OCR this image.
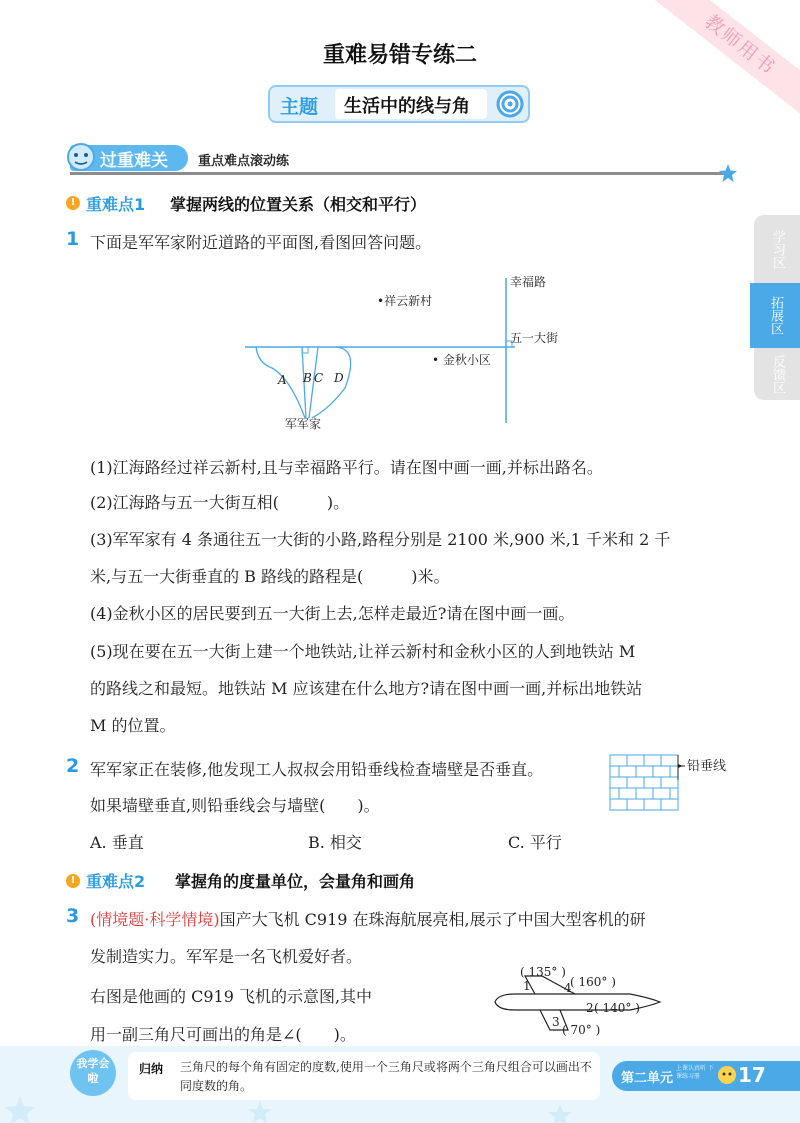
教师用书
重难易错专练二
主题 生活中的线与角
过重难关 重点难点滚动练
学习区
拓展区
反馈区
! 重难点1 掌握两线的位置关系（相交和平行）
1 下面是军军家附近道路的平面图,看图回答问题。
幸福路
•祥云新村
五一大街
• 金秋小区
A B C D
军军家
(1)江海路经过祥云新村,且与幸福路平行。请在图中画一画,并标出路名。
(2)江海路与五一大街互相(　　　)。
(3)军军家有 4 条通往五一大街的小路,路程分别是 2100 米,900 米,1 千米和 2 千
米,与五一大街垂直的 B 路线的路程是(　　　)米。
(4)金秋小区的居民要到五一大街上去,怎样走最近?请在图中画一画。
(5)现在要在五一大街上建一个地铁站,让祥云新村和金秋小区的人到地铁站 M
的路线之和最短。地铁站 M 应该建在什么地方?请在图中画一画,并标出地铁站
M 的位置。
2 军军家正在装修,他发现工人叔叔会用铅垂线检查墙壁是否垂直。
如果墙壁垂直,则铅垂线会与墙壁(　　)。
A. 垂直	B. 相交	C. 平行
铅垂线
! 重难点2 掌握角的度量单位，会量角和画角
3 (情境题·科学情境)国产大飞机 C919 在珠海航展亮相,展示了中国大型客机的研
发制造实力。军军是一名飞机爱好者。
右图是他画的 C919 飞机的示意图,其中
用一副三角尺可画出的角是∠(　　)。
( 135° )
1	4
( 160° )
2 ( 140° )
3
( 70° )
我学会啦
归纳 三角尺的每个角有固定的度数,使用一个三角尺或将两个三角尺组合可以画出不同度数的角。	第二单元
上课认真听 下课练习册	17
